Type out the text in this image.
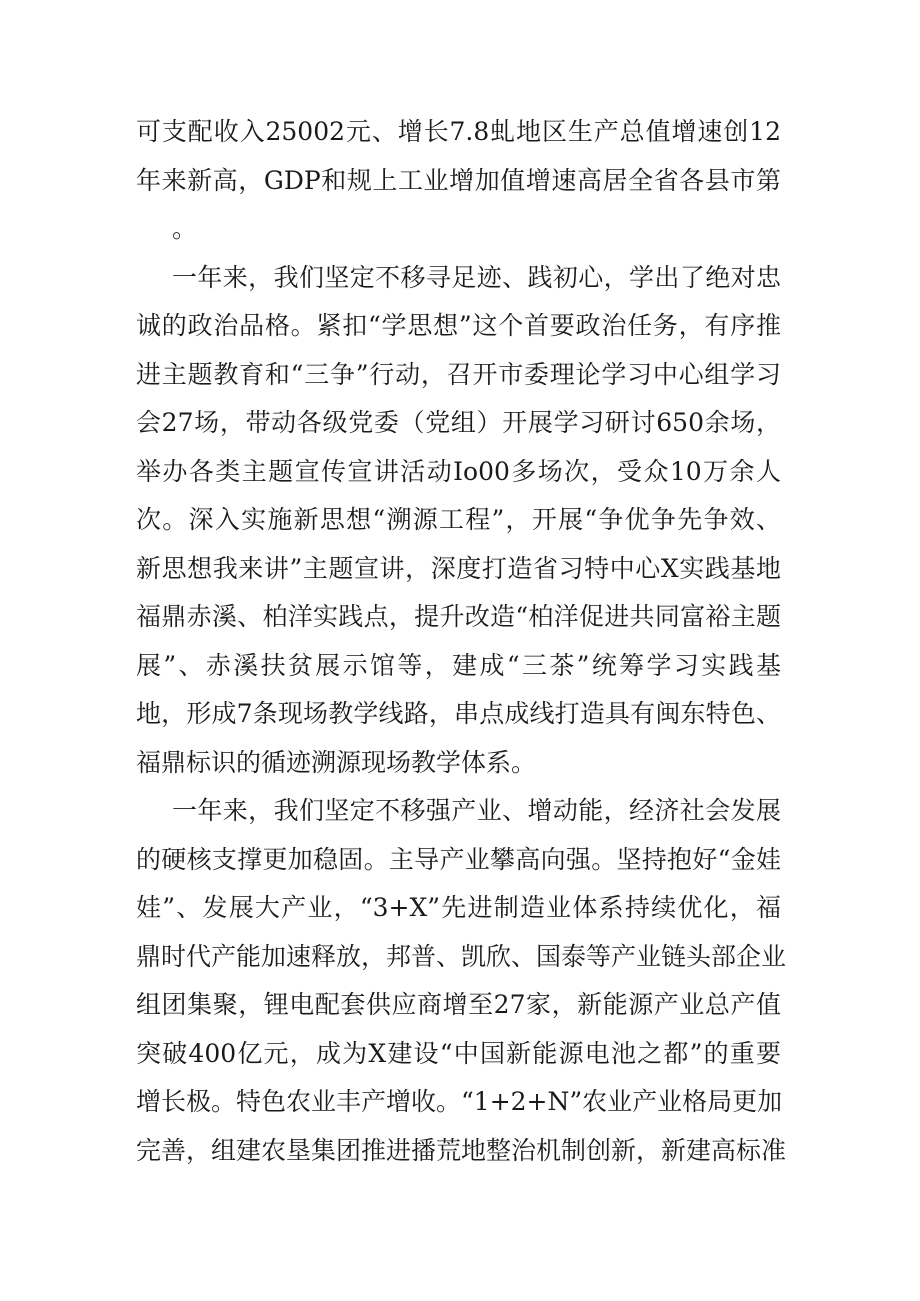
可支配收入25002元、增长7.8虬地区生产总值增速创12
年来新高，GDP和规上工业增加值增速高居全省各县市第
。
一年来，我们坚定不移寻足迹、践初心，学出了绝对忠
诚的政治品格。紧扣“学思想”这个首要政治任务，有序推
进主题教育和“三争”行动，召开市委理论学习中心组学习
会27场，带动各级党委（党组）开展学习研讨650余场，
举办各类主题宣传宣讲活动Io00多场次，受众10万余人
次。深入实施新思想“溯源工程”，开展“争优争先争效、
新思想我来讲”主题宣讲，深度打造省习特中心X实践基地
福鼎赤溪、柏洋实践点，提升改造“柏洋促进共同富裕主题
展”、赤溪扶贫展示馆等，建成“三茶”统筹学习实践基
地，形成7条现场教学线路，串点成线打造具有闽东特色、
福鼎标识的循迹溯源现场教学体系。
一年来，我们坚定不移强产业、增动能，经济社会发展
的硬核支撑更加稳固。主导产业攀高向强。坚持抱好“金娃
娃”、发展大产业，“3+X”先进制造业体系持续优化，福
鼎时代产能加速释放，邦普、凯欣、国泰等产业链头部企业
组团集聚，锂电配套供应商增至27家，新能源产业总产值
突破400亿元，成为X建设“中国新能源电池之都”的重要
增长极。特色农业丰产增收。“1+2+N”农业产业格局更加
完善，组建农垦集团推进播荒地整治机制创新，新建高标准
